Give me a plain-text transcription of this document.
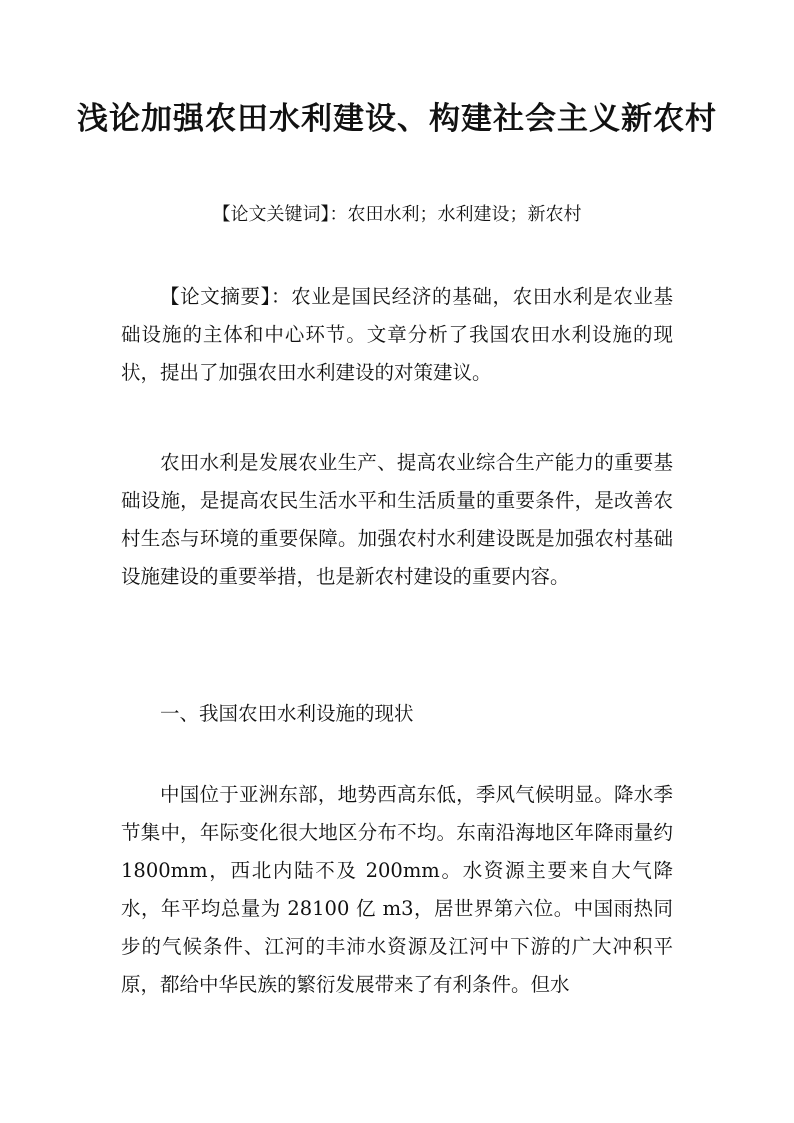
浅论加强农田水利建设、构建社会主义新农村

【论文关键词】：农田水利；水利建设；新农村

【论文摘要】：农业是国民经济的基础，农田水利是农业基础设施的主体和中心环节。文章分析了我国农田水利设施的现状，提出了加强农田水利建设的对策建议。

农田水利是发展农业生产、提高农业综合生产能力的重要基础设施，是提高农民生活水平和生活质量的重要条件，是改善农村生态与环境的重要保障。加强农村水利建设既是加强农村基础设施建设的重要举措，也是新农村建设的重要内容。

一、我国农田水利设施的现状

中国位于亚洲东部，地势西高东低，季风气候明显。降水季节集中，年际变化很大地区分布不均。东南沿海地区年降雨量约 1800mm，西北内陆不及 200mm。水资源主要来自大气降水，年平均总量为 28100 亿 m3，居世界第六位。中国雨热同步的气候条件、江河的丰沛水资源及江河中下游的广大冲积平原，都给中华民族的繁衍发展带来了有利条件。但水
